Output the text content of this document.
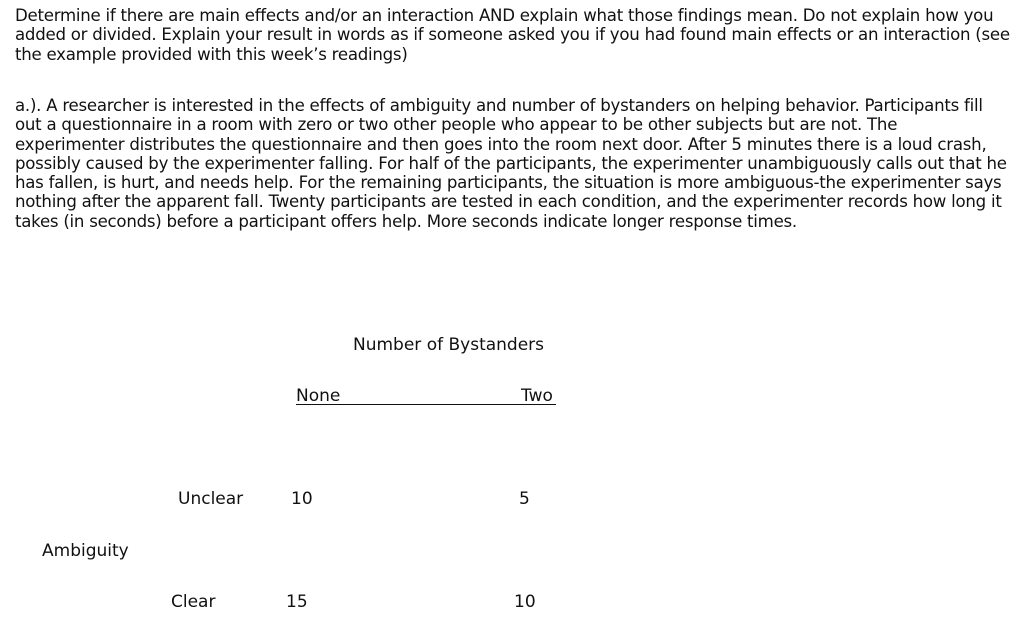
Determine if there are main effects and/or an interaction AND explain what those findings mean. Do not explain how you added or divided. Explain your result in words as if someone asked you if you had found main effects or an interaction (see the example provided with this week’s readings)

a.). A researcher is interested in the effects of ambiguity and number of bystanders on helping behavior. Participants fill out a questionnaire in a room with zero or two other people who appear to be other subjects but are not. The experimenter distributes the questionnaire and then goes into the room next door. After 5 minutes there is a loud crash, possibly caused by the experimenter falling. For half of the participants, the experimenter unambiguously calls out that he has fallen, is hurt, and needs help. For the remaining participants, the situation is more ambiguous-the experimenter says nothing after the apparent fall. Twenty participants are tested in each condition, and the experimenter records how long it takes (in seconds) before a participant offers help. More seconds indicate longer response times.

Number of Bystanders
None	Two
Unclear	10	5
Ambiguity
Clear	15	10
